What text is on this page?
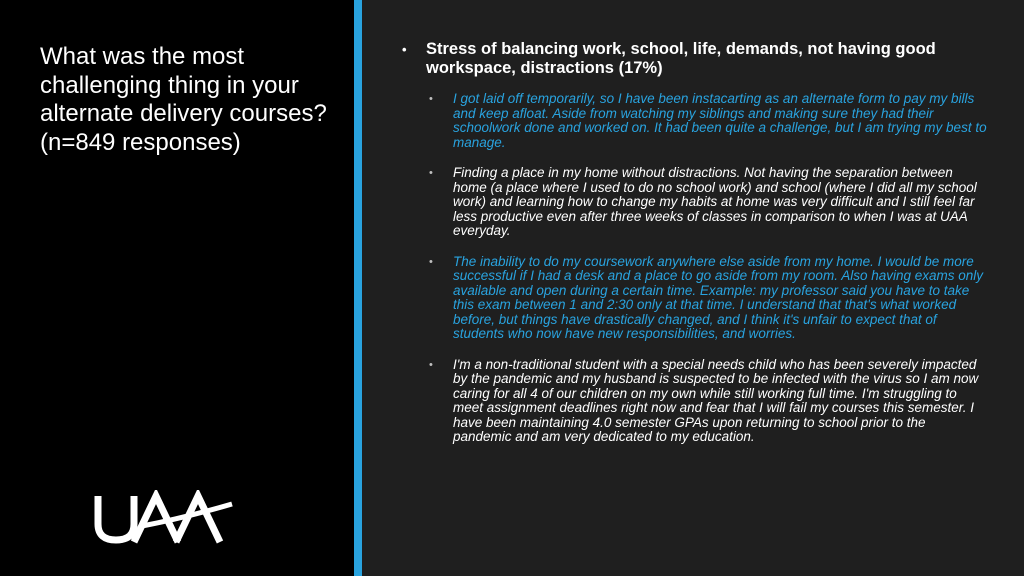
What was the most challenging thing in your alternate delivery courses? (n=849 responses)
• Stress of balancing work, school, life, demands, not having good workspace, distractions (17%)
• I got laid off temporarily, so I have been instacarting as an alternate form to pay my bills and keep afloat. Aside from watching my siblings and making sure they had their schoolwork done and worked on. It had been quite a challenge, but I am trying my best to manage.
• Finding a place in my home without distractions. Not having the separation between home (a place where I used to do no school work) and school (where I did all my school work) and learning how to change my habits at home was very difficult and I still feel far less productive even after three weeks of classes in comparison to when I was at UAA everyday.
• The inability to do my coursework anywhere else aside from my home. I would be more successful if I had a desk and a place to go aside from my room. Also having exams only available and open during a certain time. Example: my professor said you have to take this exam between 1 and 2:30 only at that time. I understand that that's what worked before, but things have drastically changed, and I think it's unfair to expect that of students who now have new responsibilities, and worries.
• I'm a non-traditional student with a special needs child who has been severely impacted by the pandemic and my husband is suspected to be infected with the virus so I am now caring for all 4 of our children on my own while still working full time. I'm struggling to meet assignment deadlines right now and fear that I will fail my courses this semester. I have been maintaining 4.0 semester GPAs upon returning to school prior to the pandemic and am very dedicated to my education.
